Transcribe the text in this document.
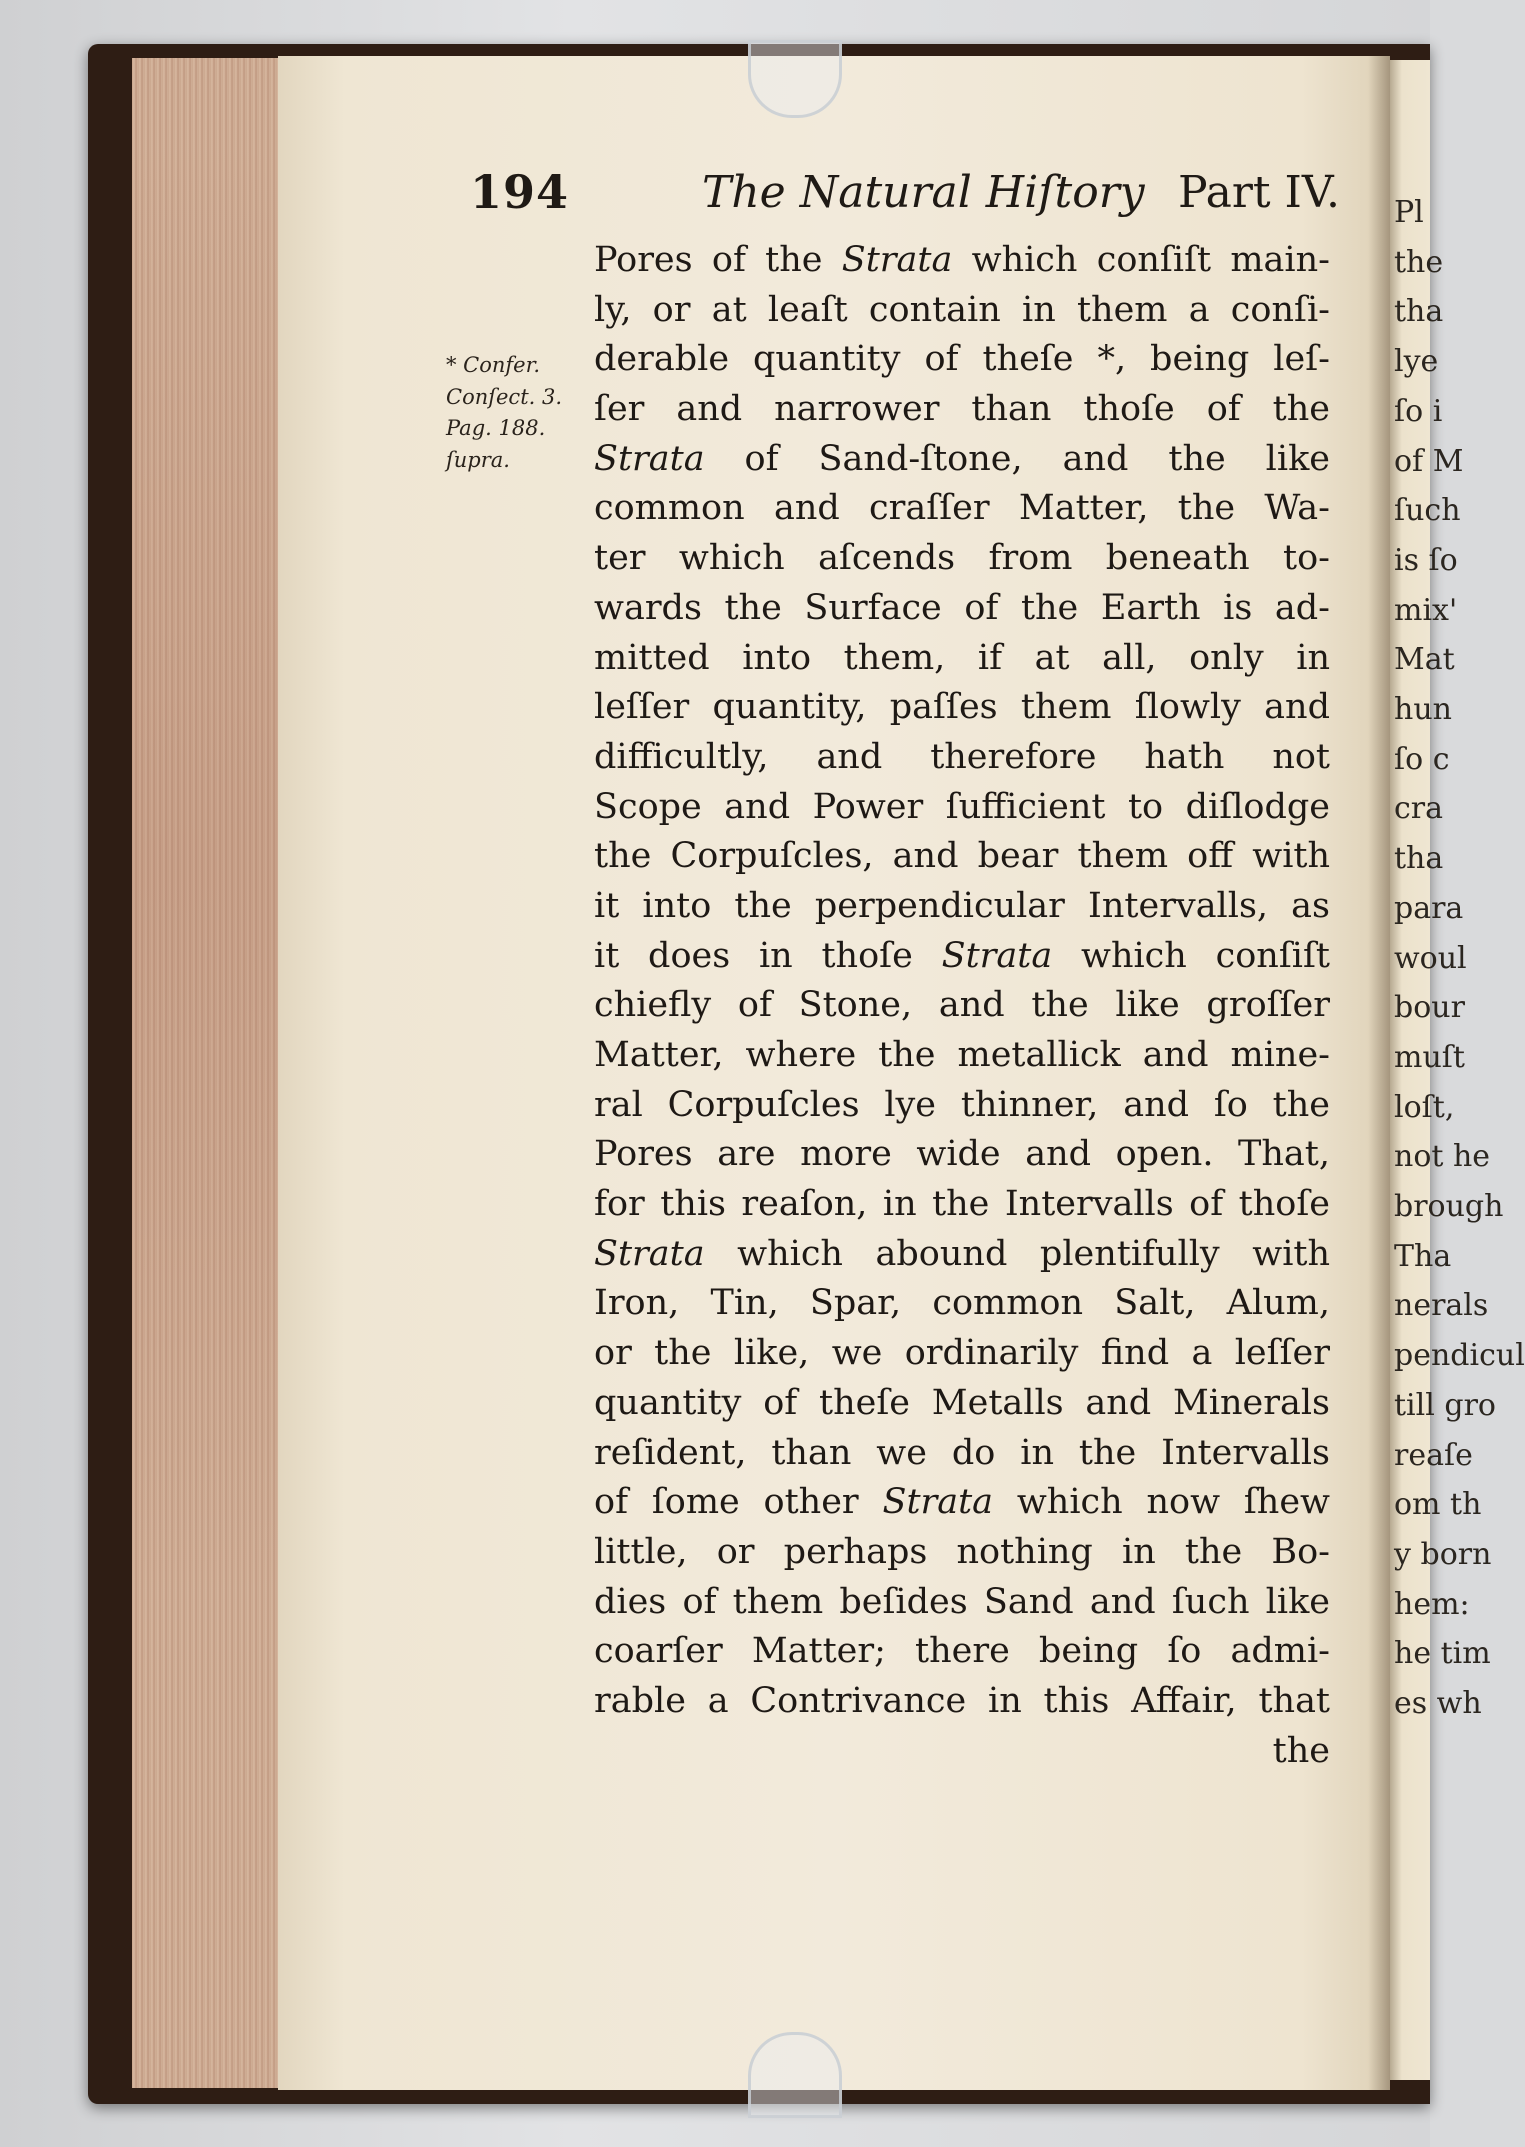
Pl
the
tha
lye
ſo i
of M
ſuch
is ſo
mix'
Mat
hun
ſo c
cra
tha
para
woul
bour
muſt
loſt,
not he
brough
Tha
nerals
pendicul
till gro
reaſe
om th
y born
hem:
he tim
es wh
194	The Natural Hiſtory Part IV.
* Confer.
Conſect. 3.
Pag. 188.
ſupra.
Pores of the Strata which conſiſt main-
ly, or at leaſt contain in them a conſi-
derable quantity of theſe *, being leſ-
ſer and narrower than thoſe of the
Strata of Sand-ſtone, and the like
common and craſſer Matter, the Wa-
ter which aſcends from beneath to-
wards the Surface of the Earth is ad-
mitted into them, if at all, only in
leſſer quantity, paſſes them ſlowly and
difficultly, and therefore hath not
Scope and Power ſufficient to diſlodge
the Corpuſcles, and bear them off with
it into the perpendicular Intervalls, as
it does in thoſe Strata which conſiſt
chiefly of Stone, and the like groſſer
Matter, where the metallick and mine-
ral Corpuſcles lye thinner, and ſo the
Pores are more wide and open. That,
for this reaſon, in the Intervalls of thoſe
Strata which abound plentifully with
Iron, Tin, Spar, common Salt, Alum,
or the like, we ordinarily find a leſſer
quantity of theſe Metalls and Minerals
reſident, than we do in the Intervalls
of ſome other Strata which now ſhew
little, or perhaps nothing in the Bo-
dies of them beſides Sand and ſuch like
coarſer Matter; there being ſo admi-
rable a Contrivance in this Affair, that
the
